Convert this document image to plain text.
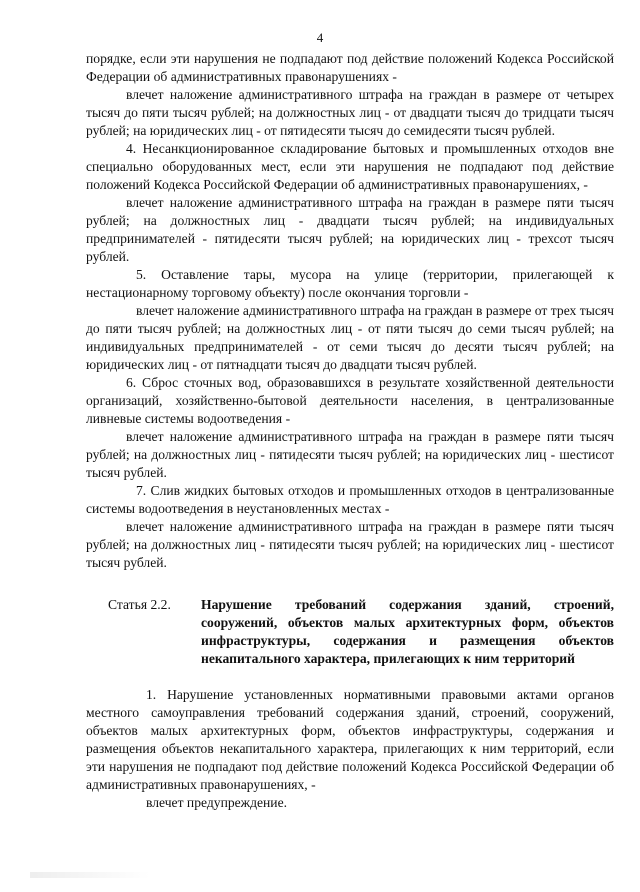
4

порядке, если эти нарушения не подпадают под действие положений Кодекса Российской Федерации об административных правонарушениях -

влечет наложение административного штрафа на граждан в размере от четырех тысяч до пяти тысяч рублей; на должностных лиц - от двадцати тысяч до тридцати тысяч рублей; на юридических лиц - от пятидесяти тысяч до семидесяти тысяч рублей.

4. Несанкционированное складирование бытовых и промышленных отходов вне специально оборудованных мест, если эти нарушения не подпадают под действие положений Кодекса Российской Федерации об административных правонарушениях, -

влечет наложение административного штрафа на граждан в размере пяти тысяч рублей; на должностных лиц - двадцати тысяч рублей; на индивидуальных предпринимателей - пятидесяти тысяч рублей; на юридических лиц - трехсот тысяч рублей.

5. Оставление тары, мусора на улице (территории, прилегающей к нестационарному торговому объекту) после окончания торговли -

влечет наложение административного штрафа на граждан в размере от трех тысяч до пяти тысяч рублей; на должностных лиц - от пяти тысяч до семи тысяч рублей; на индивидуальных предпринимателей - от семи тысяч до десяти тысяч рублей; на юридических лиц - от пятнадцати тысяч до двадцати тысяч рублей.

6. Сброс сточных вод, образовавшихся в результате хозяйственной деятельности организаций, хозяйственно-бытовой деятельности населения, в централизованные ливневые системы водоотведения -

влечет наложение административного штрафа на граждан в размере пяти тысяч рублей; на должностных лиц - пятидесяти тысяч рублей; на юридических лиц - шестисот тысяч рублей.

7. Слив жидких бытовых отходов и промышленных отходов в централизованные системы водоотведения в неустановленных местах -

влечет наложение административного штрафа на граждан в размере пяти тысяч рублей; на должностных лиц - пятидесяти тысяч рублей; на юридических лиц - шестисот тысяч рублей.

Статья 2.2.	Нарушение требований содержания зданий, строений, сооружений, объектов малых архитектурных форм, объектов инфраструктуры, содержания и размещения объектов некапитального характера, прилегающих к ним территорий

1. Нарушение установленных нормативными правовыми актами органов местного самоуправления требований содержания зданий, строений, сооружений, объектов малых архитектурных форм, объектов инфраструктуры, содержания и размещения объектов некапитального характера, прилегающих к ним территорий, если эти нарушения не подпадают под действие положений Кодекса Российской Федерации об административных правонарушениях, -

влечет предупреждение.
